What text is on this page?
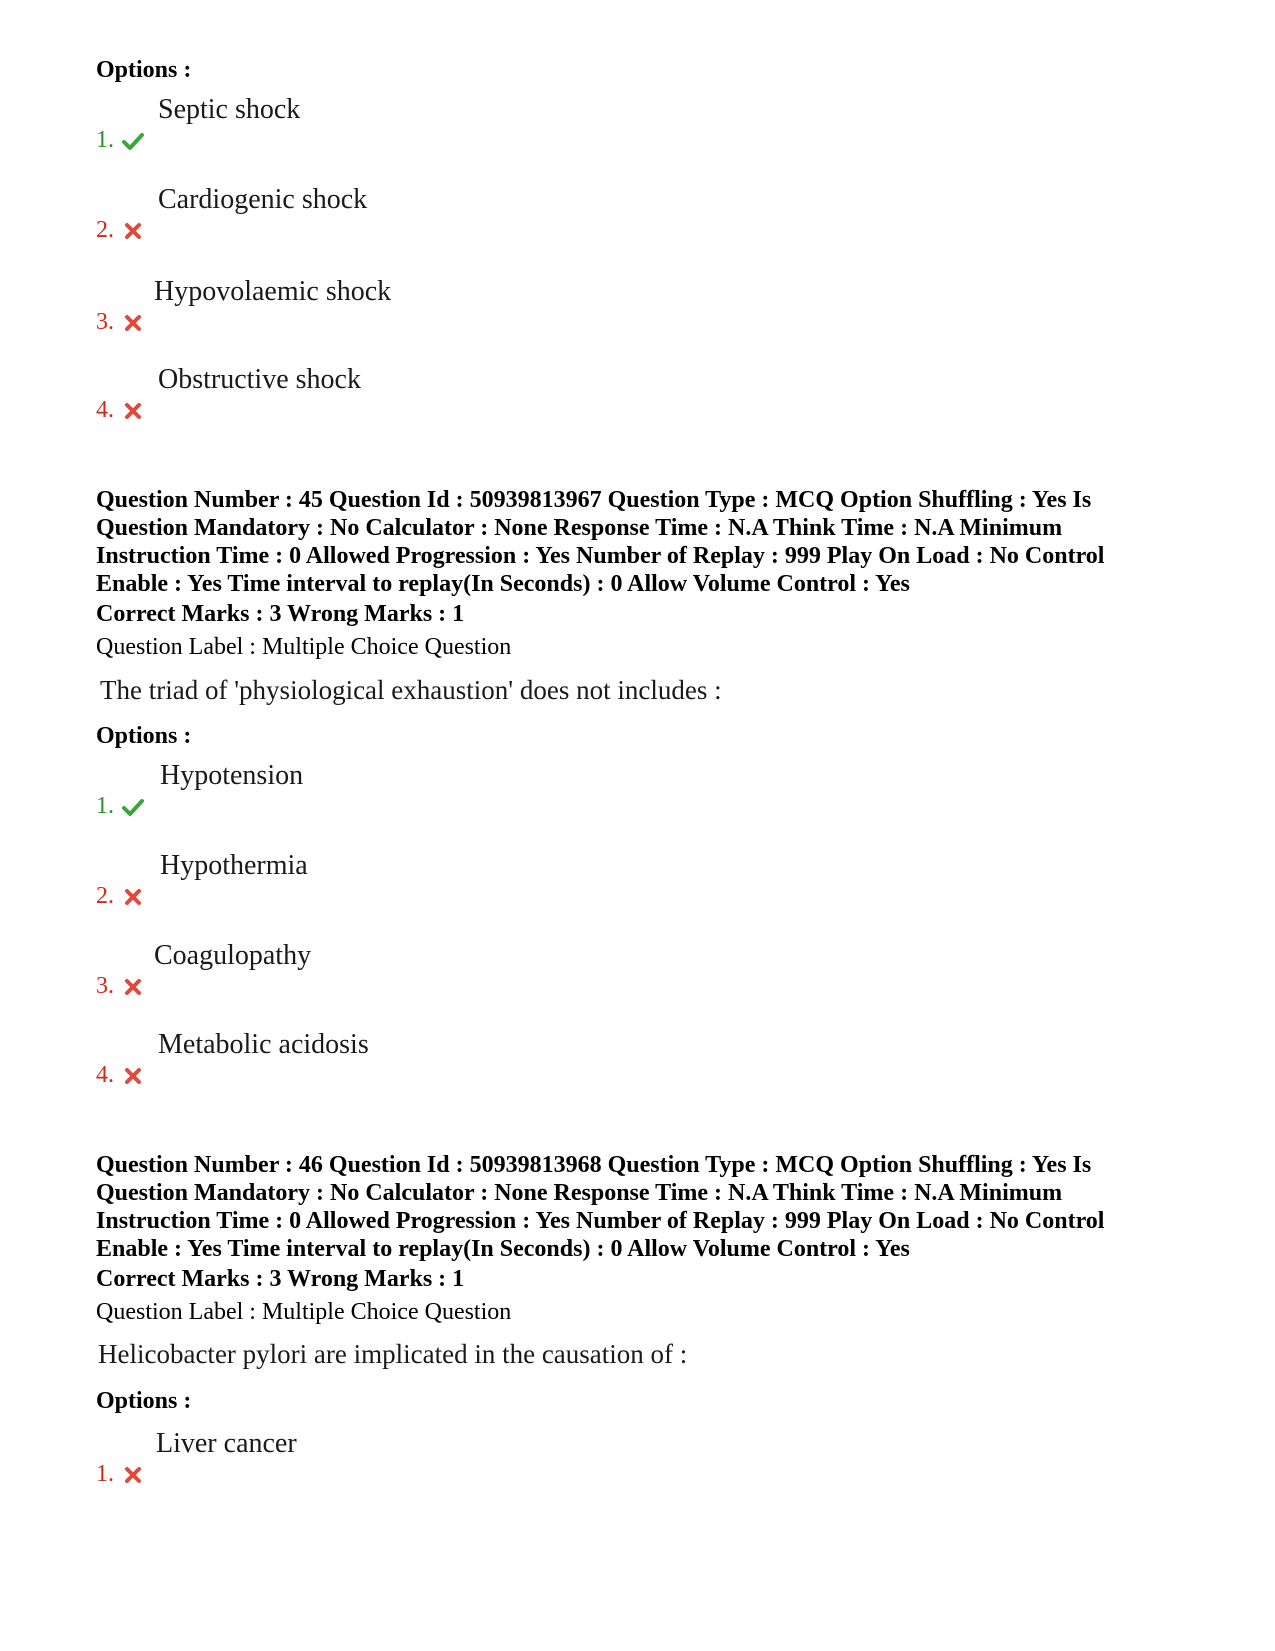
Options :
1.
Septic shock
2.
Cardiogenic shock
3.
Hypovolaemic shock
4.
Obstructive shock
Question Number : 45 Question Id : 50939813967 Question Type : MCQ Option Shuffling : Yes Is
Question Mandatory : No Calculator : None Response Time : N.A Think Time : N.A Minimum
Instruction Time : 0 Allowed Progression : Yes Number of Replay : 999 Play On Load : No Control
Enable : Yes Time interval to replay(In Seconds) : 0 Allow Volume Control : Yes
Correct Marks : 3 Wrong Marks : 1
Question Label : Multiple Choice Question
The triad of 'physiological exhaustion' does not includes :
Options :
1.
Hypotension
2.
Hypothermia
3.
Coagulopathy
4.
Metabolic acidosis
Question Number : 46 Question Id : 50939813968 Question Type : MCQ Option Shuffling : Yes Is
Question Mandatory : No Calculator : None Response Time : N.A Think Time : N.A Minimum
Instruction Time : 0 Allowed Progression : Yes Number of Replay : 999 Play On Load : No Control
Enable : Yes Time interval to replay(In Seconds) : 0 Allow Volume Control : Yes
Correct Marks : 3 Wrong Marks : 1
Question Label : Multiple Choice Question
Helicobacter pylori are implicated in the causation of :
Options :
1.
Liver cancer
